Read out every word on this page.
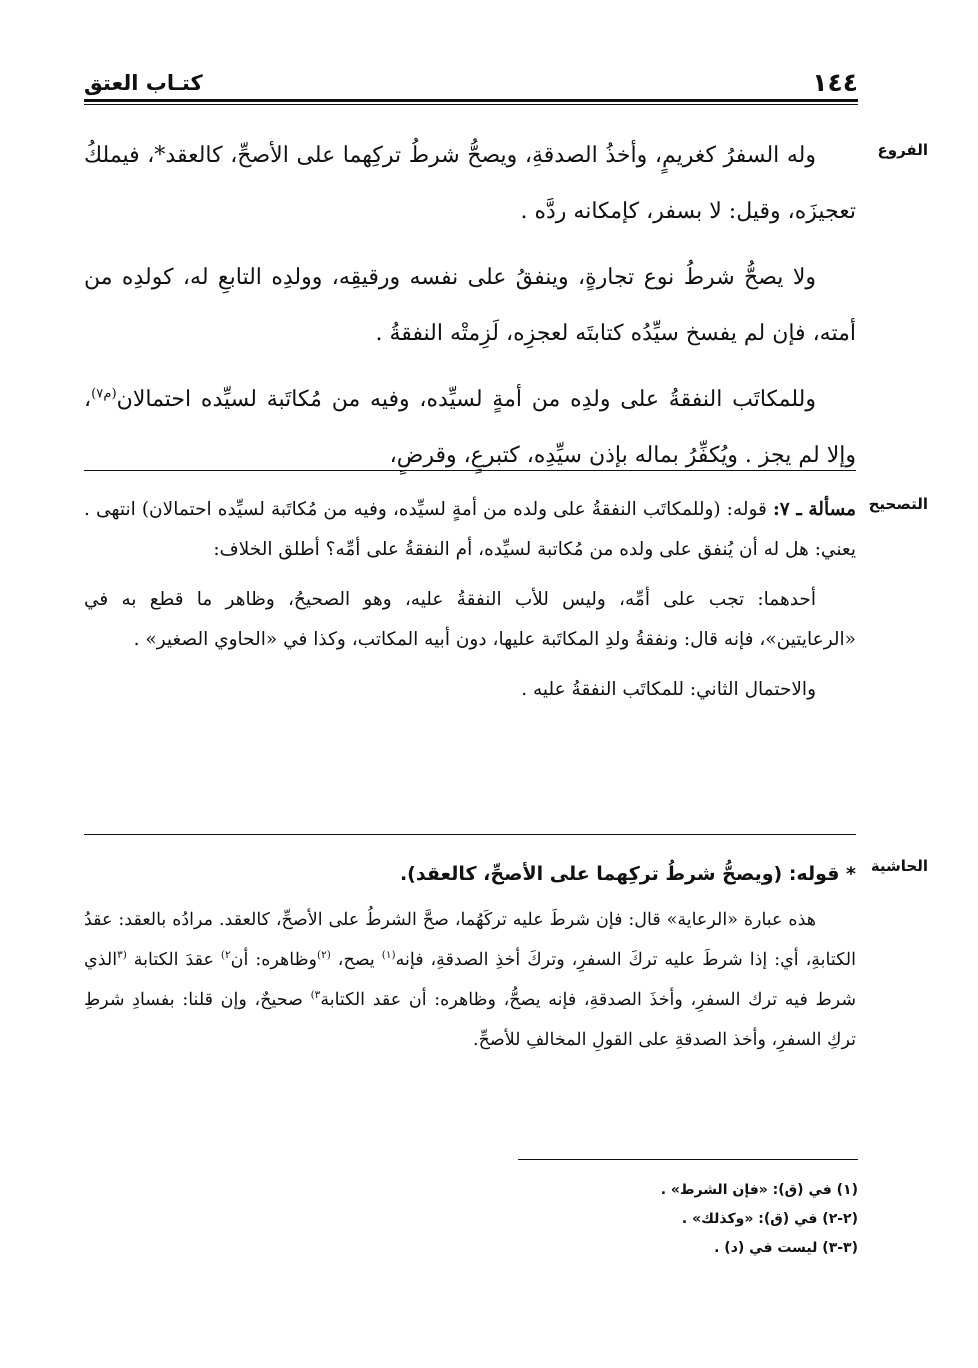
١٤٤
كتـاب العتق
الفروع

وله السفرُ كغريمٍ، وأخذُ الصدقةِ، ويصحُّ شرطُ تركِهما على الأصحِّ، كالعقد*، فيملكُ تعجيزَه، وقيل: لا بسفر، كإمكانه ردَّه .

ولا يصحُّ شرطُ نوع تجارةٍ، وينفقُ على نفسه ورقيقِه، وولدِه التابعِ له، كولدِه من أمته، فإن لم يفسخ سيِّدُه كتابتَه لعجزِه، لَزِمتْه النفقةُ .

وللمكاتَب النفقةُ على ولدِه من أمةٍ لسيِّده، وفيه من مُكاتَبة لسيِّده احتمالان$^{(م٧)}$، وإلا لم يجز . ويُكفِّرُ بماله بإذن سيِّدِه، كتبرعٍ، وقرضٍ،

التصحيح

مسألة ـ ٧: قوله: (وللمكاتَب النفقةُ على ولده من أمةٍ لسيِّده، وفيه من مُكاتَبة لسيِّده احتمالان) انتهى . يعني: هل له أن يُنفق على ولده من مُكاتبة لسيِّده، أم النفقةُ على أمِّه؟ أطلق الخلاف:

أحدهما: تجب على أمِّه، وليس للأب النفقةُ عليه، وهو الصحيحُ، وظاهر ما قطع به في «الرعايتين»، فإنه قال: ونفقةُ ولدِ المكاتَبة عليها، دون أبيه المكاتب، وكذا في «الحاوي الصغير» .

والاحتمال الثاني: للمكاتَب النفقةُ عليه .

الحاشية

* قوله: (ويصحُّ شرطُ تركِهما على الأصحِّ، كالعقد).

هذه عبارة «الرعاية» قال: فإن شرطَ عليه تركَهُما، صحَّ الشرطُ على الأصحِّ، كالعقد. مرادُه بالعقد: عقدُ الكتابةِ، أي: إذا شرطَ عليه تركَ السفرِ، وتركَ أخذِ الصدقةِ، فإنه$^{(١)}$ يصح، $^{(٢)}$وظاهره: أن$^{٢)}$ عقدَ الكتابة $^{(٣}$الذي شرط فيه ترك السفرِ، وأخذَ الصدقةِ، فإنه يصحُّ، وظاهره: أن عقد الكتابة$^{٣)}$ صحيحٌ، وإن قلنا: بفسادِ شرطِ تركِ السفرِ، وأخذ الصدقةِ على القولِ المخالفِ للأصحِّ.

(١) في (ق): «فإن الشرط» .

(٢-٢) في (ق): «وكذلك» .

(٣-٣) ليست في (د) .
